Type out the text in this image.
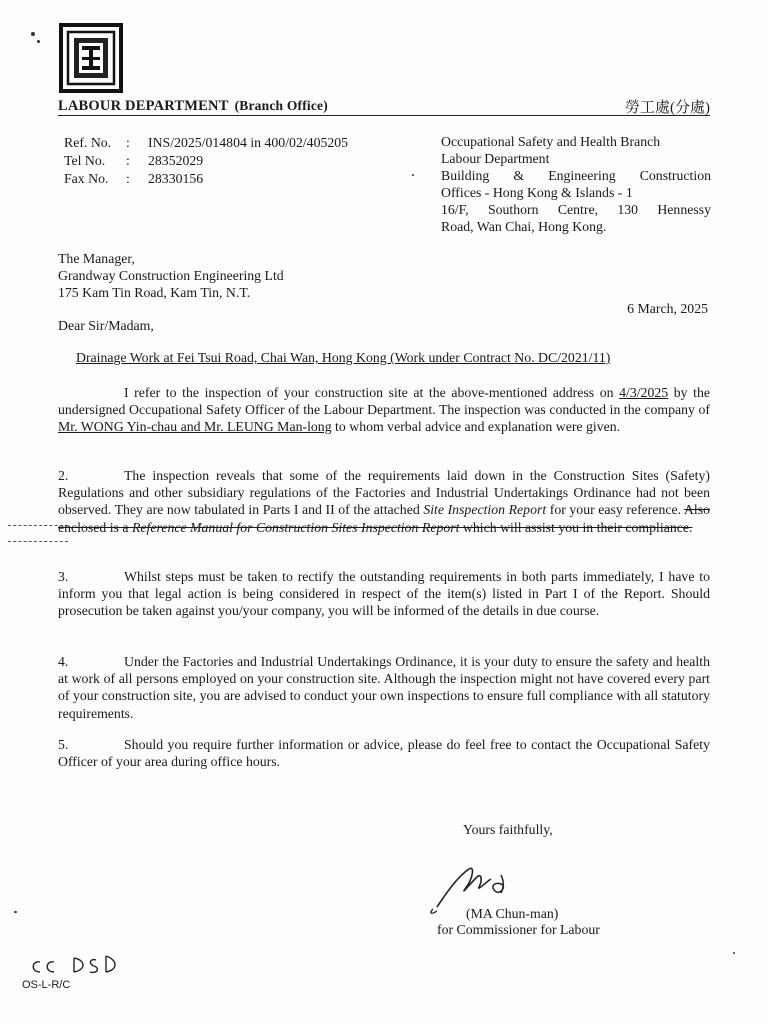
LABOUR DEPARTMENT (Branch Office)	勞工處(分處)
Ref. No.	:	INS/2025/014804 in 400/02/405205
Tel No.	:	28352029
Fax No.	:	28330156
Occupational Safety and Health Branch
Labour Department
Building & Engineering Construction
Offices - Hong Kong & Islands - 1
16/F, Southorn Centre, 130 Hennessy
Road, Wan Chai, Hong Kong.
The Manager,
Grandway Construction Engineering Ltd
175 Kam Tin Road, Kam Tin, N.T.
6 March, 2025
Dear Sir/Madam,
Drainage Work at Fei Tsui Road, Chai Wan, Hong Kong (Work under Contract No. DC/2021/11)
I refer to the inspection of your construction site at the above-mentioned address on 4/3/2025 by the undersigned Occupational Safety Officer of the Labour Department. The inspection was conducted in the company of Mr. WONG Yin-chau and Mr. LEUNG Man-long to whom verbal advice and explanation were given.
2.	The inspection reveals that some of the requirements laid down in the Construction Sites (Safety) Regulations and other subsidiary regulations of the Factories and Industrial Undertakings Ordinance had not been observed. They are now tabulated in Parts I and II of the attached Site Inspection Report for your easy reference. Also enclosed is a Reference Manual for Construction Sites Inspection Report which will assist you in their compliance.
3.	Whilst steps must be taken to rectify the outstanding requirements in both parts immediately, I have to inform you that legal action is being considered in respect of the item(s) listed in Part I of the Report. Should prosecution be taken against you/your company, you will be informed of the details in due course.
4.	Under the Factories and Industrial Undertakings Ordinance, it is your duty to ensure the safety and health at work of all persons employed on your construction site. Although the inspection might not have covered every part of your construction site, you are advised to conduct your own inspections to ensure full compliance with all statutory requirements.
5.	Should you require further information or advice, please do feel free to contact the Occupational Safety Officer of your area during office hours.
Yours faithfully,
(MA Chun-man)
for Commissioner for Labour
OS-L-R/C
